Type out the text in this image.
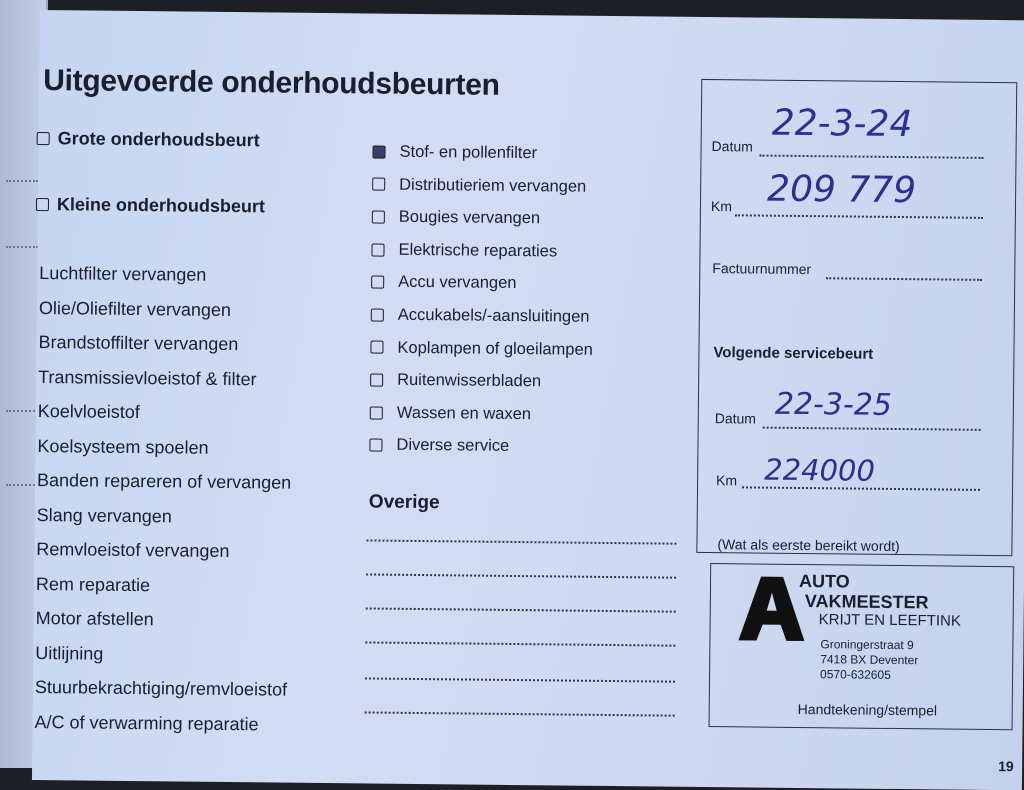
Uitgevoerde onderhoudsbeurten
Grote onderhoudsbeurt
Kleine onderhoudsbeurt
Luchtfilter vervangen
Olie/Oliefilter vervangen
Brandstoffilter vervangen
Transmissievloeistof & filter
Koelvloeistof
Koelsysteem spoelen
Banden repareren of vervangen
Slang vervangen
Remvloeistof vervangen
Rem reparatie
Motor afstellen
Uitlijning
Stuurbekrachtiging/remvloeistof
A/C of verwarming reparatie
Stof- en pollenfilter
Distributieriem vervangen
Bougies vervangen
Elektrische reparaties
Accu vervangen
Accukabels/-aansluitingen
Koplampen of gloeilampen
Ruitenwisserbladen
Wassen en waxen
Diverse service
Overige
Datum
22-3-24
Km 209 779
Factuurnummer
Volgende servicebeurt
Datum 22-3-25
Km 224000
(Wat als eerste bereikt wordt)
AUTO
VAKMEESTER
KRIJT EN LEEFTINK
Groningerstraat 9
7418 BX Deventer
0570-632605
Handtekening/stempel
19
